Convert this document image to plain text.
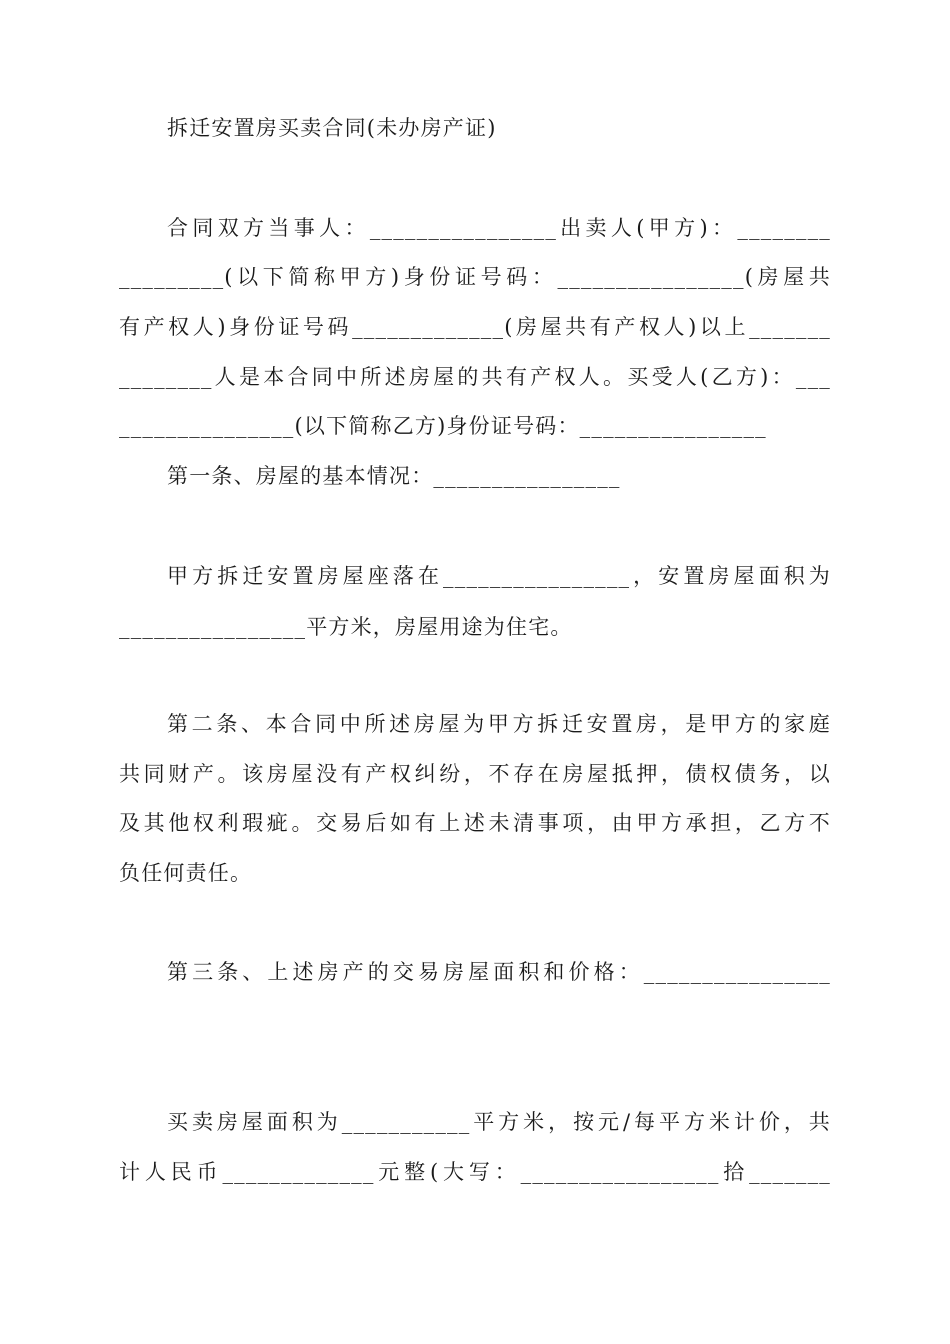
拆迁安置房买卖合同(未办房产证)
合同双方当事人：________________出卖人(甲方)：________
_________(以下简称甲方)身份证号码：________________(房屋共
有产权人)身份证号码_____________(房屋共有产权人)以上_______
________人是本合同中所述房屋的共有产权人。买受人(乙方)：___
_______________(以下简称乙方)身份证号码：________________
第一条、房屋的基本情况：________________
甲方拆迁安置房屋座落在________________，安置房屋面积为
________________平方米，房屋用途为住宅。
第二条、本合同中所述房屋为甲方拆迁安置房，是甲方的家庭
共同财产。该房屋没有产权纠纷，不存在房屋抵押，债权债务，以
及其他权利瑕疵。交易后如有上述未清事项，由甲方承担，乙方不
负任何责任。
第三条、上述房产的交易房屋面积和价格：________________
买卖房屋面积为___________平方米，按元/每平方米计价，共
计人民币_____________元整(大写：_________________拾_______
